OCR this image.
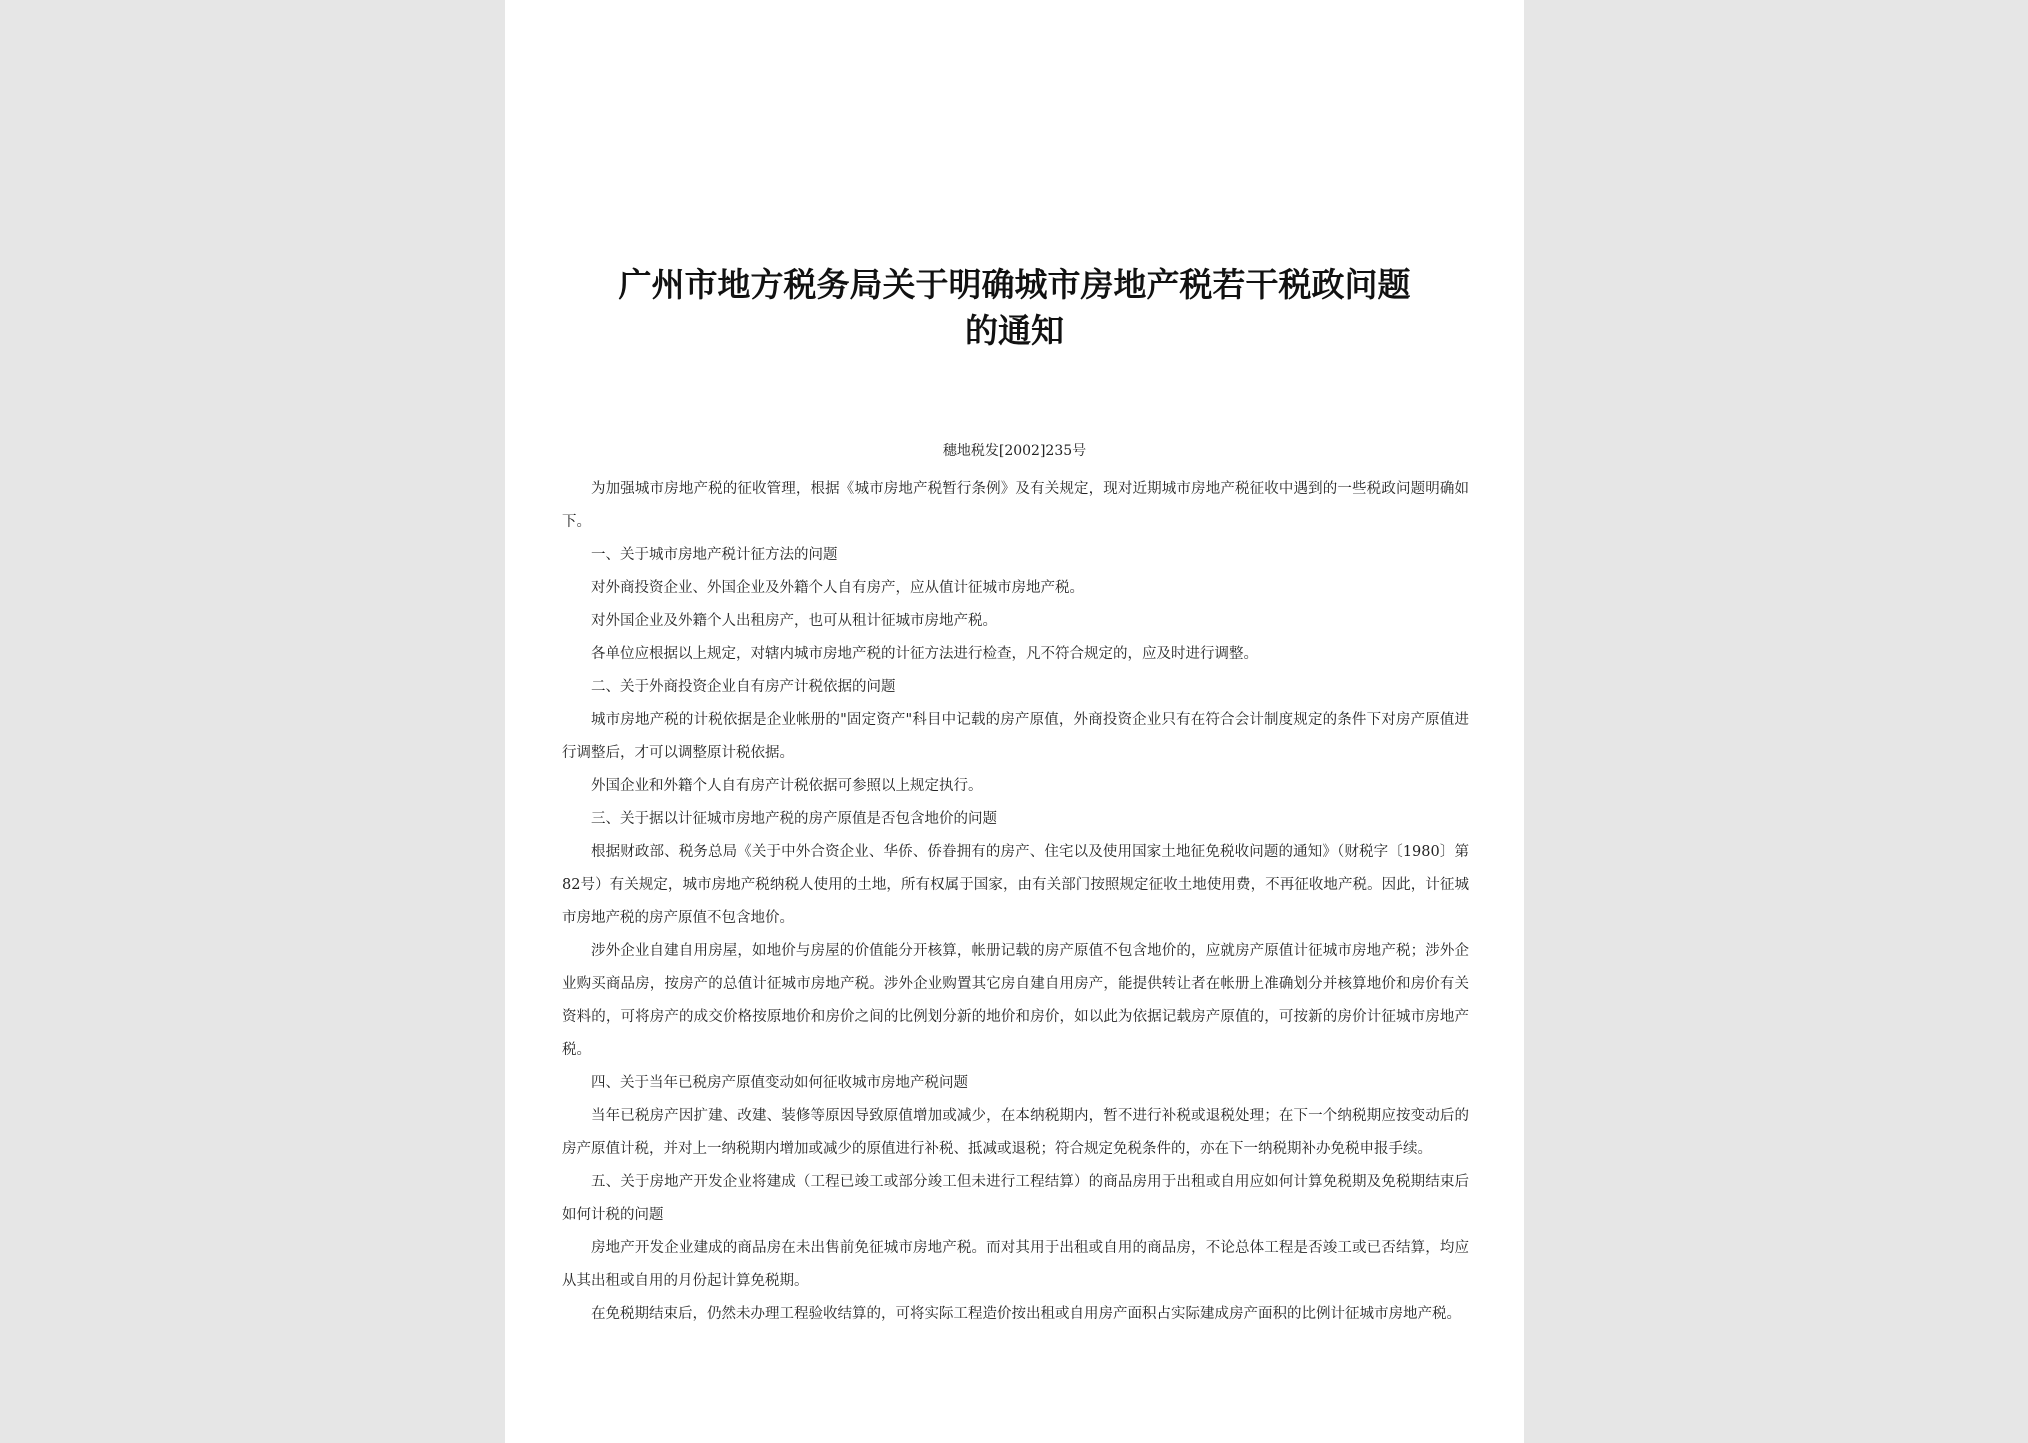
广州市地方税务局关于明确城市房地产税若干税政问题
的通知
穗地税发[2002]235号

为加强城市房地产税的征收管理，根据《城市房地产税暂行条例》及有关规定，现对近期城市房地产税征收中遇到的一些税政问题明确如下。

一、关于城市房地产税计征方法的问题

对外商投资企业、外国企业及外籍个人自有房产，应从值计征城市房地产税。

对外国企业及外籍个人出租房产，也可从租计征城市房地产税。

各单位应根据以上规定，对辖内城市房地产税的计征方法进行检查，凡不符合规定的，应及时进行调整。

二、关于外商投资企业自有房产计税依据的问题

城市房地产税的计税依据是企业帐册的"固定资产"科目中记载的房产原值，外商投资企业只有在符合会计制度规定的条件下对房产原值进行调整后，才可以调整原计税依据。

外国企业和外籍个人自有房产计税依据可参照以上规定执行。

三、关于据以计征城市房地产税的房产原值是否包含地价的问题

根据财政部、税务总局《关于中外合资企业、华侨、侨眷拥有的房产、住宅以及使用国家土地征免税收问题的通知》（财税字〔1980〕第82号）有关规定，城市房地产税纳税人使用的土地，所有权属于国家，由有关部门按照规定征收土地使用费，不再征收地产税。因此，计征城市房地产税的房产原值不包含地价。

涉外企业自建自用房屋，如地价与房屋的价值能分开核算，帐册记载的房产原值不包含地价的，应就房产原值计征城市房地产税；涉外企业购买商品房，按房产的总值计征城市房地产税。涉外企业购置其它房自建自用房产，能提供转让者在帐册上准确划分并核算地价和房价有关资料的，可将房产的成交价格按原地价和房价之间的比例划分新的地价和房价，如以此为依据记载房产原值的，可按新的房价计征城市房地产税。

四、关于当年已税房产原值变动如何征收城市房地产税问题

当年已税房产因扩建、改建、装修等原因导致原值增加或减少，在本纳税期内，暂不进行补税或退税处理；在下一个纳税期应按变动后的房产原值计税，并对上一纳税期内增加或减少的原值进行补税、抵减或退税；符合规定免税条件的，亦在下一纳税期补办免税申报手续。

五、关于房地产开发企业将建成（工程已竣工或部分竣工但未进行工程结算）的商品房用于出租或自用应如何计算免税期及免税期结束后如何计税的问题

房地产开发企业建成的商品房在未出售前免征城市房地产税。而对其用于出租或自用的商品房，不论总体工程是否竣工或已否结算，均应从其出租或自用的月份起计算免税期。

在免税期结束后，仍然未办理工程验收结算的，可将实际工程造价按出租或自用房产面积占实际建成房产面积的比例计征城市房地产税。
